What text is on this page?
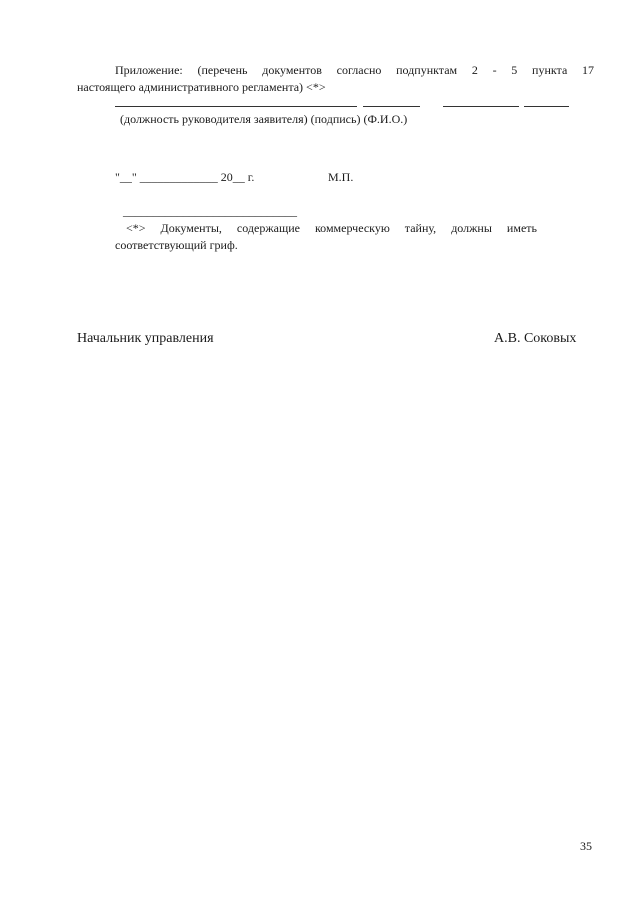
Приложение: (перечень документов согласно подпунктам 2 - 5 пункта 17
настоящего административного регламента) <*>
(должность руководителя заявителя) (подпись) (Ф.И.О.)
"__" _____________ 20__ г.	М.П.
_____________________________
<*> Документы, содержащие коммерческую тайну, должны иметь
соответствующий гриф.
Начальник управления	А.В. Соковых
35
